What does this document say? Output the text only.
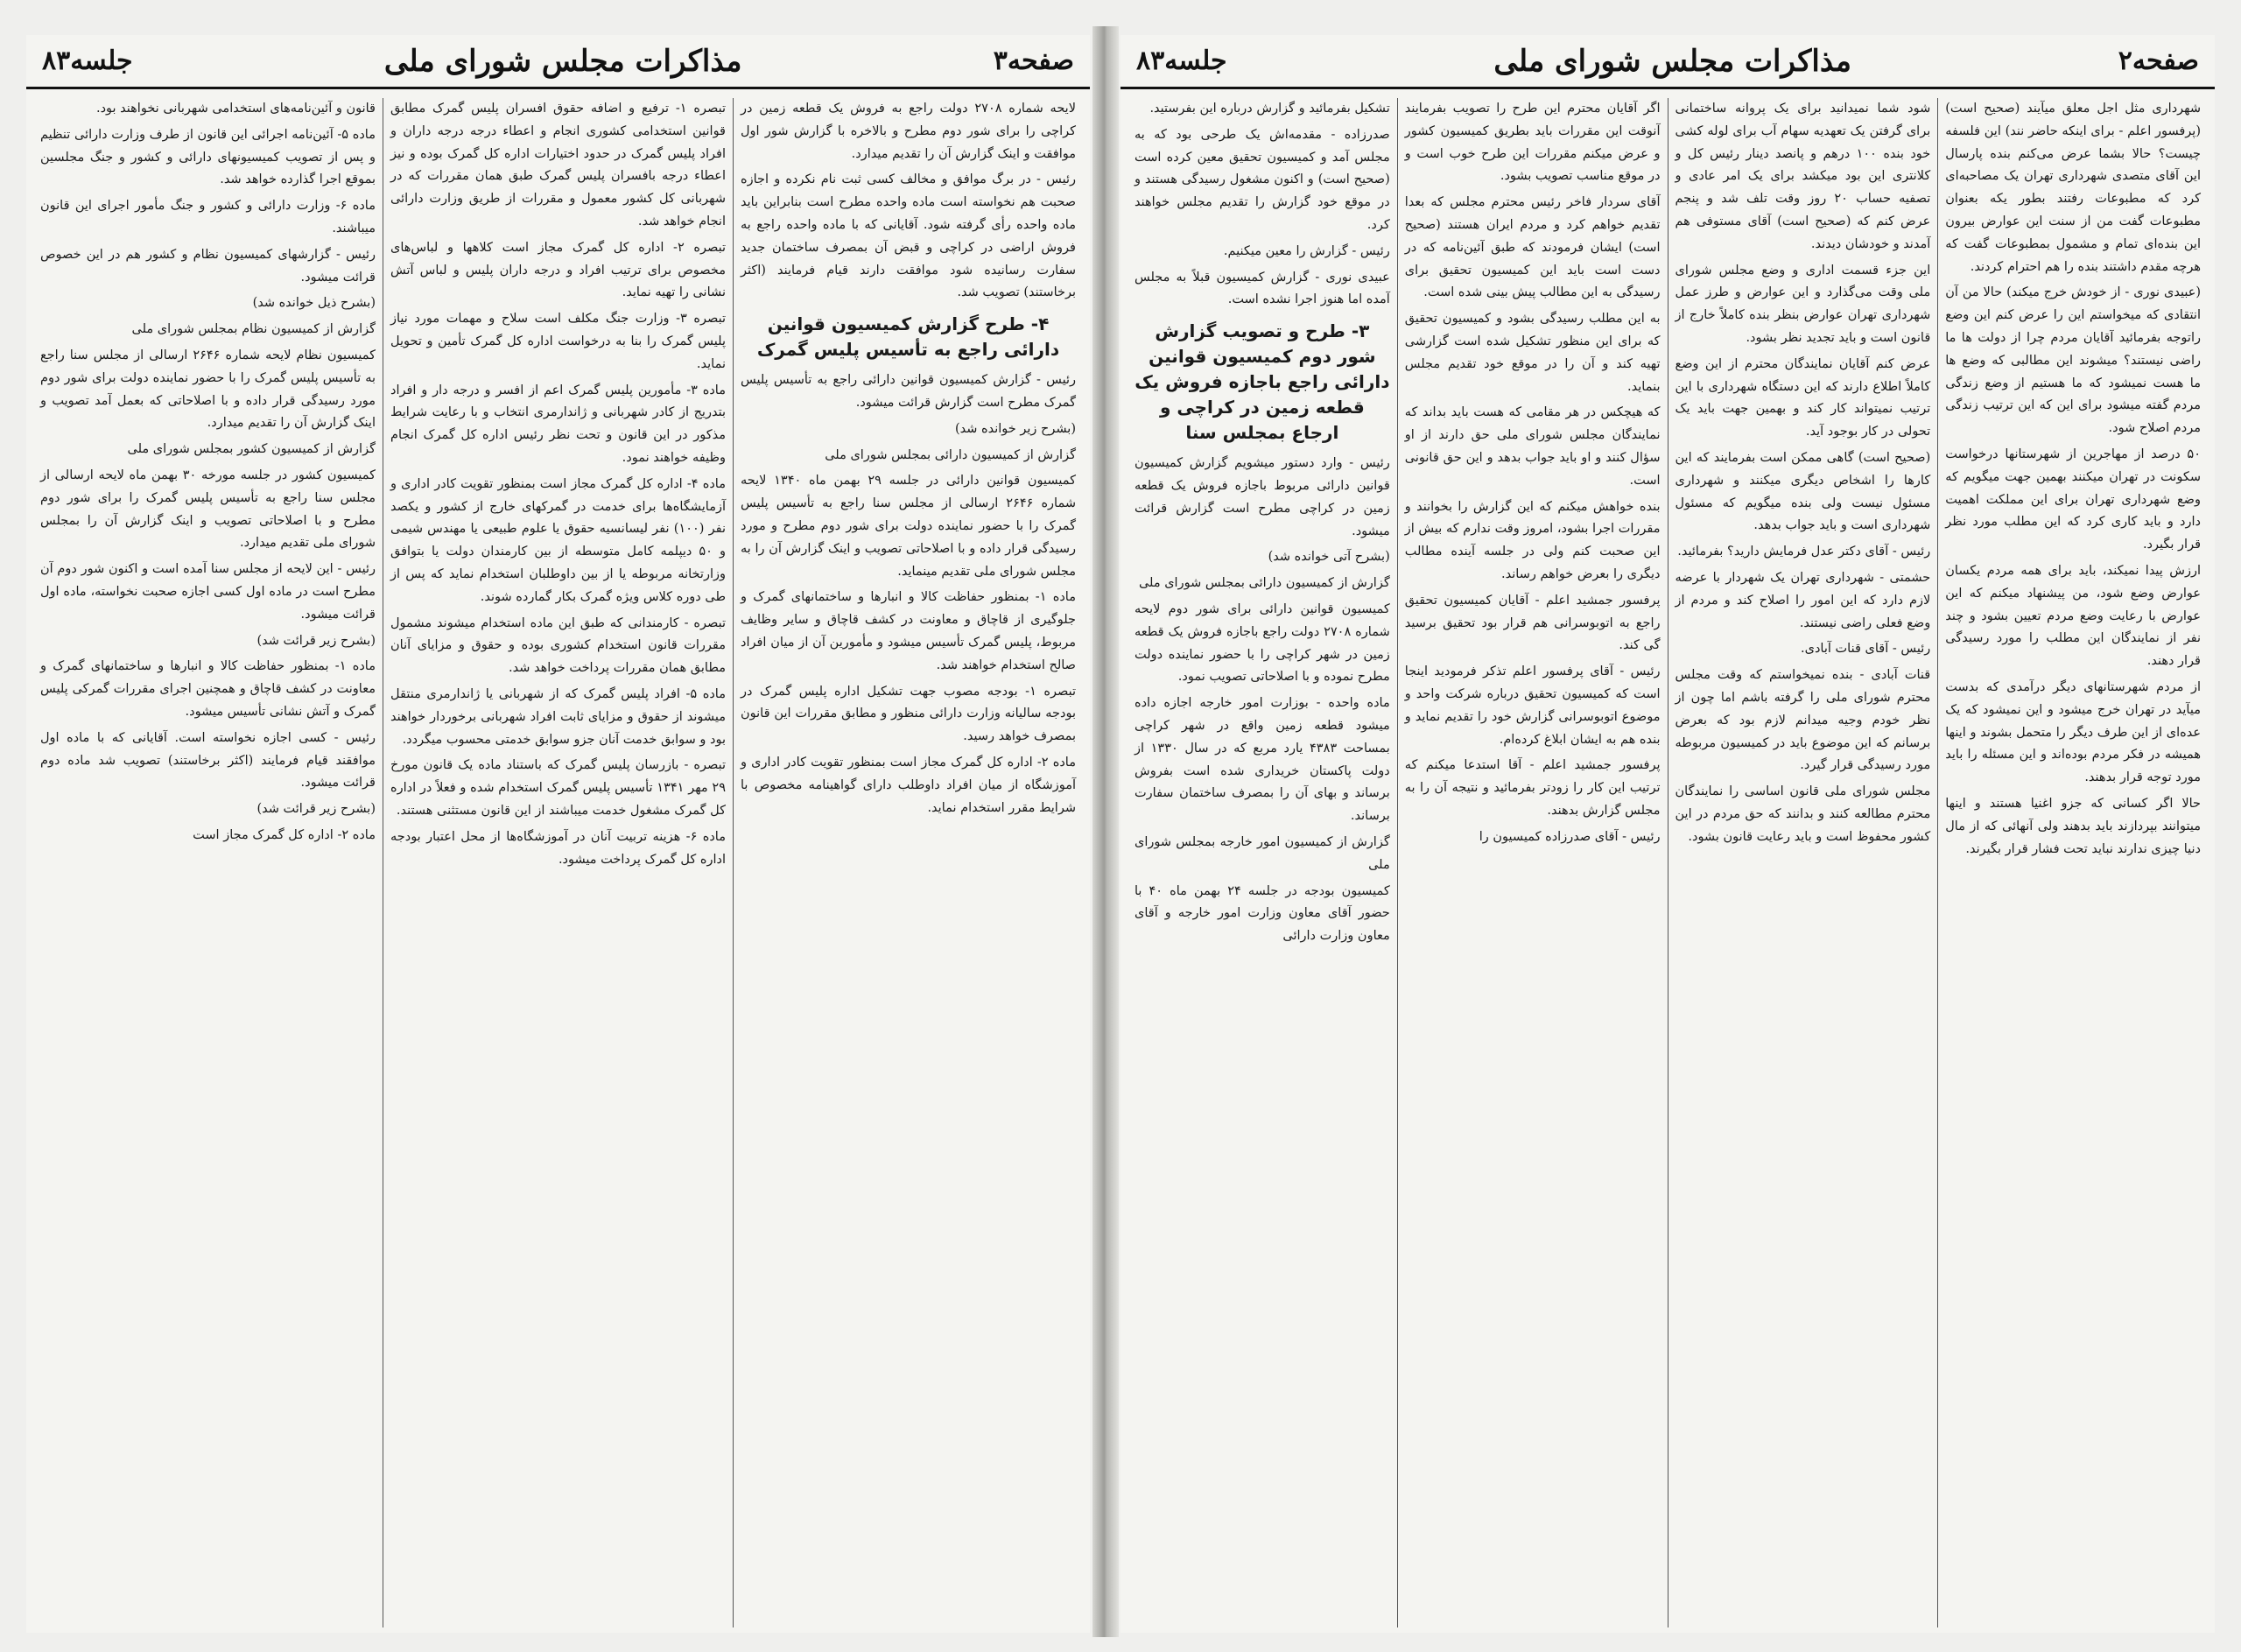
صفحه۳
مذاکرات مجلس شورای ملی
جلسه۸۳

لایحه شماره ۲۷۰۸ دولت راجع به فروش یک قطعه زمین در کراچی را برای شور دوم مطرح و بالاخره با گزارش شور اول موافقت و اینک گزارش آن را تقدیم میدارد.

رئیس - در برگ موافق و مخالف کسی ثبت نام نکرده و اجازه صحبت هم نخواسته است ماده واحده مطرح است بنابراین باید ماده واحده رأی گرفته شود. آقایانی که با ماده واحده راجع به فروش اراضی در کراچی و قبض آن بمصرف ساختمان جدید سفارت رسانیده شود موافقت دارند قیام فرمایند (اکثر برخاستند) تصویب شد.

۴- طرح گزارش کمیسیون قوانین دارائی راجع به تأسیس پلیس گمرک

رئیس - گزارش کمیسیون قوانین دارائی راجع به تأسیس پلیس گمرک مطرح است گزارش قرائت میشود.

(بشرح زیر خوانده شد)

گزارش از کمیسیون دارائی بمجلس شورای ملی

کمیسیون قوانین دارائی در جلسه ۲۹ بهمن ماه ۱۳۴۰ لایحه شماره ۲۶۴۶ ارسالی از مجلس سنا راجع به تأسیس پلیس گمرک را با حضور نماینده دولت برای شور دوم مطرح و مورد رسیدگی قرار داده و با اصلاحاتی تصویب و اینک گزارش آن را به مجلس شورای ملی تقدیم مینماید.

ماده ۱- بمنظور حفاظت کالا و انبارها و ساختمانهای گمرک و جلوگیری از قاچاق و معاونت در کشف قاچاق و سایر وظایف مربوط، پلیس گمرک تأسیس میشود و مأمورین آن از میان افراد صالح استخدام خواهند شد.

تبصره ۱- بودجه مصوب جهت تشکیل اداره پلیس گمرک در بودجه سالیانه وزارت دارائی منظور و مطابق مقررات این قانون بمصرف خواهد رسید.

ماده ۲- اداره کل گمرک مجاز است بمنظور تقویت کادر اداری و آموزشگاه از میان افراد داوطلب دارای گواهینامه مخصوص با شرایط مقرر استخدام نماید.

تبصره ۱- ترفیع و اضافه حقوق افسران پلیس گمرک مطابق قوانین استخدامی کشوری انجام و اعطاء درجه درجه داران و افراد پلیس گمرک در حدود اختیارات اداره کل گمرک بوده و نیز اعطاء درجه بافسران پلیس گمرک طبق همان مقررات که در شهربانی کل کشور معمول و مقررات از طریق وزارت دارائی انجام خواهد شد.

تبصره ۲- اداره کل گمرک مجاز است کلاهها و لباس‌های مخصوص برای ترتیب افراد و درجه داران پلیس و لباس آتش نشانی را تهیه نماید.

تبصره ۳- وزارت جنگ مکلف است سلاح و مهمات مورد نیاز پلیس گمرک را بنا به درخواست اداره کل گمرک تأمین و تحویل نماید.

ماده ۳- مأمورین پلیس گمرک اعم از افسر و درجه دار و افراد بتدریج از کادر شهربانی و ژاندارمری انتخاب و با رعایت شرایط مذکور در این قانون و تحت نظر رئیس اداره کل گمرک انجام وظیفه خواهند نمود.

ماده ۴- اداره کل گمرک مجاز است بمنظور تقویت کادر اداری و آزمایشگاه‌ها برای خدمت در گمرکهای خارج از کشور و یکصد نفر (۱۰۰) نفر لیسانسیه حقوق یا علوم طبیعی یا مهندس شیمی و ۵۰ دیپلمه کامل متوسطه از بین کارمندان دولت یا بتوافق وزارتخانه مربوطه یا از بین داوطلبان استخدام نماید که پس از طی دوره کلاس ویژه گمرک بکار گمارده شوند.

تبصره - کارمندانی که طبق این ماده استخدام میشوند مشمول مقررات قانون استخدام کشوری بوده و حقوق و مزایای آنان مطابق همان مقررات پرداخت خواهد شد.

ماده ۵- افراد پلیس گمرک که از شهربانی یا ژاندارمری منتقل میشوند از حقوق و مزایای ثابت افراد شهربانی برخوردار خواهند بود و سوابق خدمت آنان جزو سوابق خدمتی محسوب میگردد.

تبصره - بازرسان پلیس گمرک که باستناد ماده یک قانون مورخ ۲۹ مهر ۱۳۴۱ تأسیس پلیس گمرک استخدام شده و فعلاً در اداره کل گمرک مشغول خدمت میباشند از این قانون مستثنی هستند.

ماده ۶- هزینه تربیت آنان در آموزشگاه‌ها از محل اعتبار بودجه اداره کل گمرک پرداخت میشود.

قانون و آئین‌نامه‌های استخدامی شهربانی نخواهند بود.

ماده ۵- آئین‌نامه اجرائی این قانون از طرف وزارت دارائی تنظیم و پس از تصویب کمیسیونهای دارائی و کشور و جنگ مجلسین بموقع اجرا گذارده خواهد شد.

ماده ۶- وزارت دارائی و کشور و جنگ مأمور اجرای این قانون میباشند.

رئیس - گزارشهای کمیسیون نظام و کشور هم در این خصوص قرائت میشود.

(بشرح ذیل خوانده شد)

گزارش از کمیسیون نظام بمجلس شورای ملی

کمیسیون نظام لایحه شماره ۲۶۴۶ ارسالی از مجلس سنا راجع به تأسیس پلیس گمرک را با حضور نماینده دولت برای شور دوم مورد رسیدگی قرار داده و با اصلاحاتی که بعمل آمد تصویب و اینک گزارش آن را تقدیم میدارد.

گزارش از کمیسیون کشور بمجلس شورای ملی

کمیسیون کشور در جلسه مورخه ۳۰ بهمن ماه لایحه ارسالی از مجلس سنا راجع به تأسیس پلیس گمرک را برای شور دوم مطرح و با اصلاحاتی تصویب و اینک گزارش آن را بمجلس شورای ملی تقدیم میدارد.

رئیس - این لایحه از مجلس سنا آمده است و اکنون شور دوم آن مطرح است در ماده اول کسی اجازه صحبت نخواسته، ماده اول قرائت میشود.

(بشرح زیر قرائت شد)

ماده ۱- بمنظور حفاظت کالا و انبارها و ساختمانهای گمرک و معاونت در کشف قاچاق و همچنین اجرای مقررات گمرکی پلیس گمرک و آتش نشانی تأسیس میشود.

رئیس - کسی اجازه نخواسته است. آقایانی که با ماده اول موافقند قیام فرمایند (اکثر برخاستند) تصویب شد ماده دوم قرائت میشود.

(بشرح زیر قرائت شد)

ماده ۲- اداره کل گمرک مجاز است

صفحه۲
مذاکرات مجلس شورای ملی
جلسه۸۳

شهرداری مثل اجل معلق میآیند (صحیح است) (پرفسور اعلم - برای اینکه حاضر نند) این فلسفه چیست؟ حالا بشما عرض می‌کنم بنده پارسال این آقای متصدی شهرداری تهران یک مصاحبه‌ای کرد که مطبوعات رفتند بطور یکه بعنوان مطبوعات گفت من از سنت این عوارض بیرون این بنده‌ای تمام و مشمول بمطبوعات گفت که هرچه مقدم داشتند بنده را هم احترام کردند.

(عبیدی نوری - از خودش خرج میکند) حالا من آن انتقادی که میخواستم این را عرض کنم این وضع راتوجه بفرمائید آقایان مردم چرا از دولت ها ما راضی نیستند؟ میشوند این مطالبی که وضع ها ما هست نمیشود که ما هستیم از وضع زندگی مردم گفته میشود برای این که این ترتیب زندگی مردم اصلاح شود.

۵۰ درصد از مهاجرین از شهرستانها درخواست سکونت در تهران میکنند بهمین جهت میگویم که وضع شهرداری تهران برای این مملکت اهمیت دارد و باید کاری کرد که این مطلب مورد نظر قرار بگیرد.

ارزش پیدا نمیکند، باید برای همه مردم یکسان عوارض وضع شود، من پیشنهاد میکنم که این عوارض با رعایت وضع مردم تعیین بشود و چند نفر از نمایندگان این مطلب را مورد رسیدگی قرار دهند.

از مردم شهرستانهای دیگر درآمدی که بدست میآید در تهران خرج میشود و این نمیشود که یک عده‌ای از این طرف دیگر را متحمل بشوند و اینها همیشه در فکر مردم بوده‌اند و این مسئله را باید مورد توجه قرار بدهند.

حالا اگر کسانی که جزو اغنیا هستند و اینها میتوانند بپردازند باید بدهند ولی آنهائی که از مال دنیا چیزی ندارند نباید تحت فشار قرار بگیرند.

شود شما نمیدانید برای یک پروانه ساختمانی برای گرفتن یک تعهدیه سهام آب برای لوله کشی خود بنده ۱۰۰ درهم و پانصد دینار رئیس کل و کلانتری این بود میکشد برای یک امر عادی و تصفیه حساب ۲۰ روز وقت تلف شد و پنجم عرض کنم که (صحیح است) آقای مستوفی هم آمدند و خودشان دیدند.

این جزء قسمت اداری و وضع مجلس شورای ملی وقت می‌گذارد و این عوارض و طرز عمل شهرداری تهران عوارض بنظر بنده کاملاً خارج از قانون است و باید تجدید نظر بشود.

عرض کنم آقایان نمایندگان محترم از این وضع کاملاً اطلاع دارند که این دستگاه شهرداری با این ترتیب نمیتواند کار کند و بهمین جهت باید یک تحولی در کار بوجود آید.

(صحیح است) گاهی ممکن است بفرمایند که این کارها را اشخاص دیگری میکنند و شهرداری مسئول نیست ولی بنده میگویم که مسئول شهرداری است و باید جواب بدهد.

رئیس - آقای دکتر عدل فرمایش دارید؟ بفرمائید.

حشمتی - شهرداری تهران یک شهردار با عرضه لازم دارد که این امور را اصلاح کند و مردم از وضع فعلی راضی نیستند.

رئیس - آقای قنات آبادی.

قنات آبادی - بنده نمیخواستم که وقت مجلس محترم شورای ملی را گرفته باشم اما چون از نظر خودم وجیه میدانم لازم بود که بعرض برسانم که این موضوع باید در کمیسیون مربوطه مورد رسیدگی قرار گیرد.

مجلس شورای ملی قانون اساسی را نمایندگان محترم مطالعه کنند و بدانند که حق مردم در این کشور محفوظ است و باید رعایت قانون بشود.

اگر آقایان محترم این طرح را تصویب بفرمایند آنوقت این مقررات باید بطریق کمیسیون کشور و عرض میکنم مقررات این طرح خوب است و در موقع مناسب تصویب بشود.

آقای سردار فاخر رئیس محترم مجلس که بعدا تقدیم خواهم کرد و مردم ایران هستند (صحیح است) ایشان فرمودند که طبق آئین‌نامه که در دست است باید این کمیسیون تحقیق برای رسیدگی به این مطالب پیش بینی شده است.

به این مطلب رسیدگی بشود و کمیسیون تحقیق که برای این منظور تشکیل شده است گزارشی تهیه کند و آن را در موقع خود تقدیم مجلس بنماید.

که هیچکس در هر مقامی که هست باید بداند که نمایندگان مجلس شورای ملی حق دارند از او سؤال کنند و او باید جواب بدهد و این حق قانونی است.

بنده خواهش میکنم که این گزارش را بخوانند و مقررات اجرا بشود، امروز وقت ندارم که بیش از این صحبت کنم ولی در جلسه آینده مطالب دیگری را بعرض خواهم رساند.

پرفسور جمشید اعلم - آقایان کمیسیون تحقیق راجع به اتوبوسرانی هم قرار بود تحقیق برسید گی کند.

رئیس - آقای پرفسور اعلم تذکر فرمودید اینجا است که کمیسیون تحقیق درباره شرکت واحد و موضوع اتوبوسرانی گزارش خود را تقدیم نماید و بنده هم به ایشان ابلاغ کرده‌ام.

پرفسور جمشید اعلم - آقا استدعا میکنم که ترتیب این کار را زودتر بفرمائید و نتیجه آن را به مجلس گزارش بدهند.

رئیس - آقای صدرزاده کمیسیون را

تشکیل بفرمائید و گزارش درباره این بفرستید.

صدرزاده - مقدمه‌اش یک طرحی بود که به مجلس آمد و کمیسیون تحقیق معین کرده است (صحیح است) و اکنون مشغول رسیدگی هستند و در موقع خود گزارش را تقدیم مجلس خواهند کرد.

رئیس - گزارش را معین میکنیم.

عبیدی نوری - گزارش کمیسیون قبلاً به مجلس آمده اما هنوز اجرا نشده است.

۳- طرح و تصویب گزارش شور دوم کمیسیون قوانین دارائی راجع باجازه فروش یک قطعه زمین در کراچی و ارجاع بمجلس سنا

رئیس - وارد دستور میشویم گزارش کمیسیون قوانین دارائی مربوط باجازه فروش یک قطعه زمین در کراچی مطرح است گزارش قرائت میشود.

(بشرح آتی خوانده شد)

گزارش از کمیسیون دارائی بمجلس شورای ملی

کمیسیون قوانین دارائی برای شور دوم لایحه شماره ۲۷۰۸ دولت راجع باجازه فروش یک قطعه زمین در شهر کراچی را با حضور نماینده دولت مطرح نموده و با اصلاحاتی تصویب نمود.

ماده واحده - بوزارت امور خارجه اجازه داده میشود قطعه زمین واقع در شهر کراچی بمساحت ۴۳۸۳ یارد مربع که در سال ۱۳۳۰ از دولت پاکستان خریداری شده است بفروش برساند و بهای آن را بمصرف ساختمان سفارت برساند.

گزارش از کمیسیون امور خارجه بمجلس شورای ملی

کمیسیون بودجه در جلسه ۲۴ بهمن ماه ۴۰ با حضور آقای معاون وزارت امور خارجه و آقای معاون وزارت دارائی
